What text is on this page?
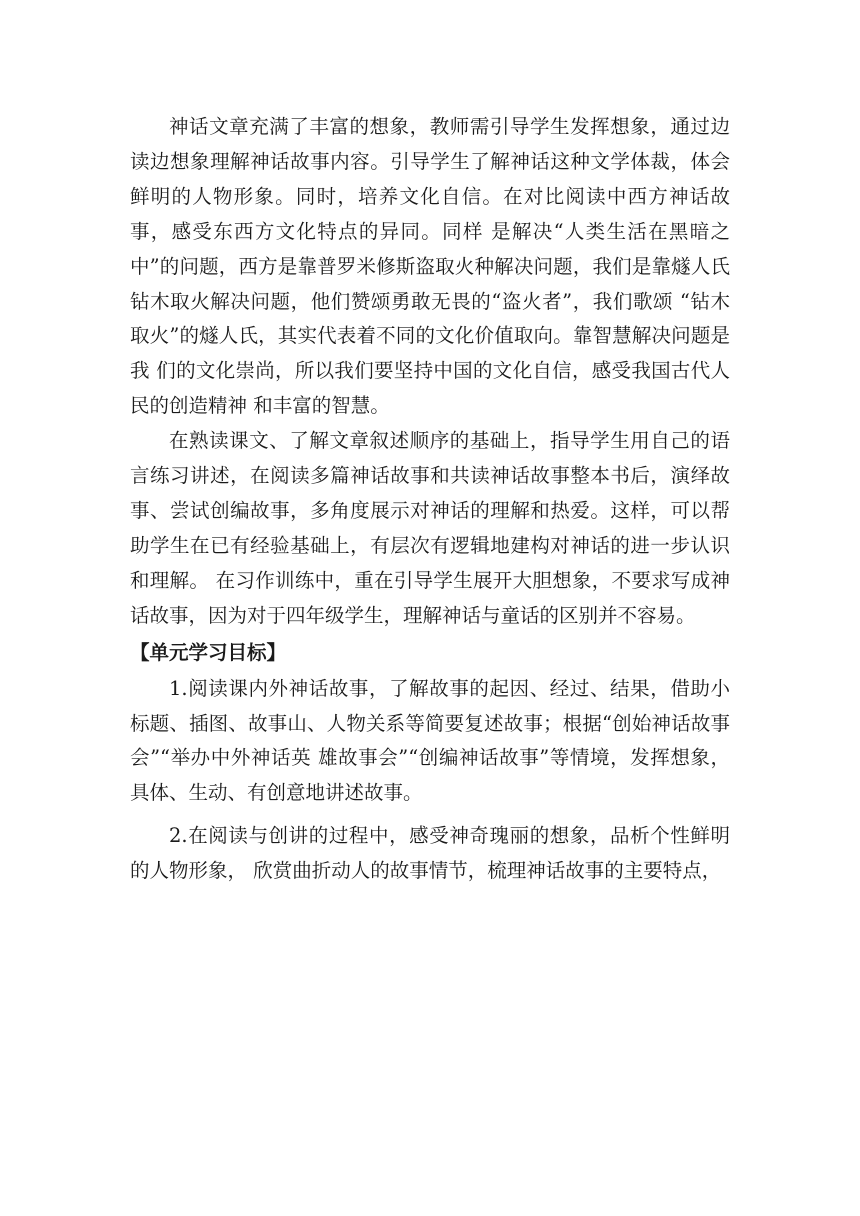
神话文章充满了丰富的想象，教师需引导学生发挥想象，通过边读边想象理解神话故事内容。引导学生了解神话这种文学体裁，体会鲜明的人物形象。同时，培养文化自信。在对比阅读中西方神话故事，感受东西方文化特点的异同。同样 是解决“人类生活在黑暗之中”的问题，西方是靠普罗米修斯盗取火种解决问题，我们是靠燧人氏钻木取火解决问题，他们赞颂勇敢无畏的“盗火者”，我们歌颂 “钻木取火”的燧人氏，其实代表着不同的文化价值取向。靠智慧解决问题是我 们的文化崇尚，所以我们要坚持中国的文化自信，感受我国古代人民的创造精神 和丰富的智慧。

在熟读课文、了解文章叙述顺序的基础上，指导学生用自己的语言练习讲述，在阅读多篇神话故事和共读神话故事整本书后，演绎故事、尝试创编故事，多角度展示对神话的理解和热爱。这样，可以帮助学生在已有经验基础上，有层次有逻辑地建构对神话的进一步认识和理解。 在习作训练中，重在引导学生展开大胆想象，不要求写成神话故事，因为对于四年级学生，理解神话与童话的区别并不容易。

【单元学习目标】

1.阅读课内外神话故事，了解故事的起因、经过、结果，借助小标题、插图、故事山、人物关系等简要复述故事；根据“创始神话故事会”“举办中外神话英 雄故事会”“创编神话故事”等情境，发挥想象，具体、生动、有创意地讲述故事。

2.在阅读与创讲的过程中，感受神奇瑰丽的想象，品析个性鲜明的人物形象， 欣赏曲折动人的故事情节，梳理神话故事的主要特点，
